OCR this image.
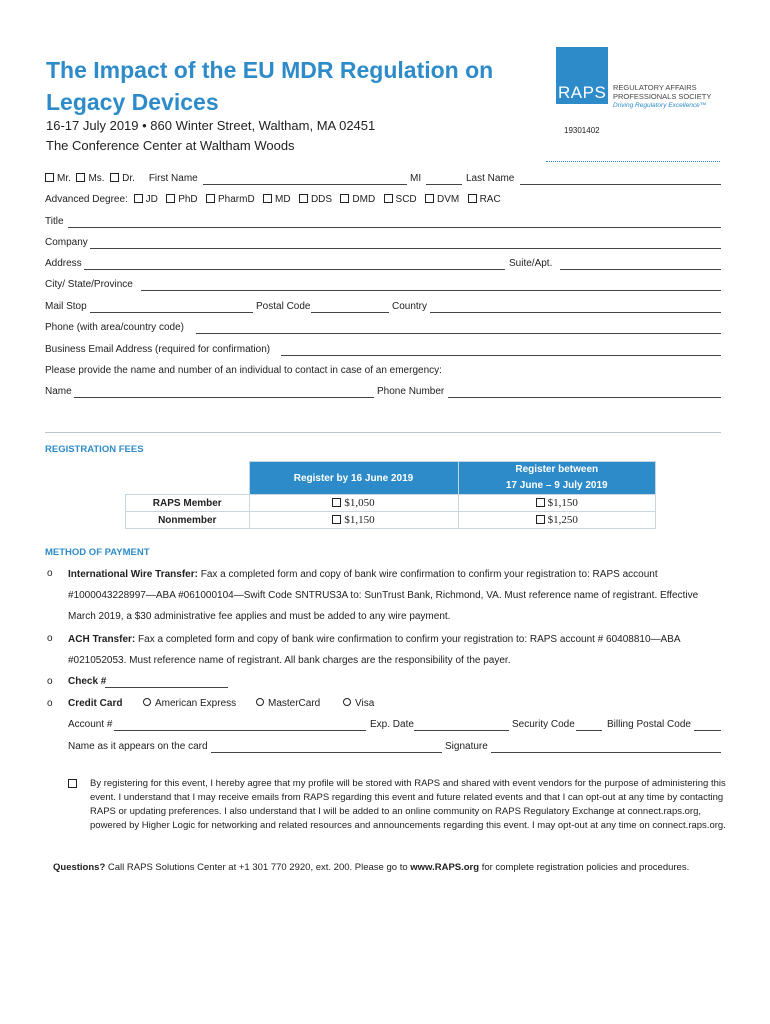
The Impact of the EU MDR Regulation on Legacy Devices
16-17 July 2019 • 860 Winter Street, Waltham, MA 02451
The Conference Center at Waltham Woods
RAPS REGULATORY AFFAIRS
PROFESSIONALS SOCIETY
Driving Regulatory Excellence™
19301402
Mr. Ms. Dr. First Name	MI	Last Name
Advanced Degree: JD PhD PharmD MD DDS DMD SCD DVM RAC
Title
Company
Address	Suite/Apt.
City/ State/Province
Mail Stop	Postal Code	Country
Phone (with area/country code)
Business Email Address (required for confirmation)
Please provide the name and number of an individual to contact in case of an emergency:
Name	Phone Number
REGISTRATION FEES
	Register by 16 June 2019	Register between
17 June – 9 July 2019

RAPS Member	$1,050	$1,150
Nonmember	$1,150	$1,250
METHOD OF PAYMENT
o International Wire Transfer: Fax a completed form and copy of bank wire confirmation to confirm your registration to: RAPS account
#1000043228997—ABA #061000104—Swift Code SNTRUS3A to: SunTrust Bank, Richmond, VA. Must reference name of registrant. Effective
March 2019, a $30 administrative fee applies and must be added to any wire payment.
o ACH Transfer: Fax a completed form and copy of bank wire confirmation to confirm your registration to: RAPS account # 60408810—ABA
#021052053. Must reference name of registrant. All bank charges are the responsibility of the payer.
o Check #
o Credit Card	American Express	MasterCard	Visa
Account #	Exp. Date	Security Code	Billing Postal Code
Name as it appears on the card	Signature
By registering for this event, I hereby agree that my profile will be stored with RAPS and shared with event vendors for the purpose of administering this event. I understand that I may receive emails from RAPS regarding this event and future related events and that I can opt-out at any time by contacting RAPS or updating preferences. I also understand that I will be added to an online community on RAPS Regulatory Exchange at connect.raps.org, powered by Higher Logic for networking and related resources and announcements regarding this event. I may opt-out at any time on connect.raps.org.
Questions? Call RAPS Solutions Center at +1 301 770 2920, ext. 200. Please go to www.RAPS.org for complete registration policies and procedures.
